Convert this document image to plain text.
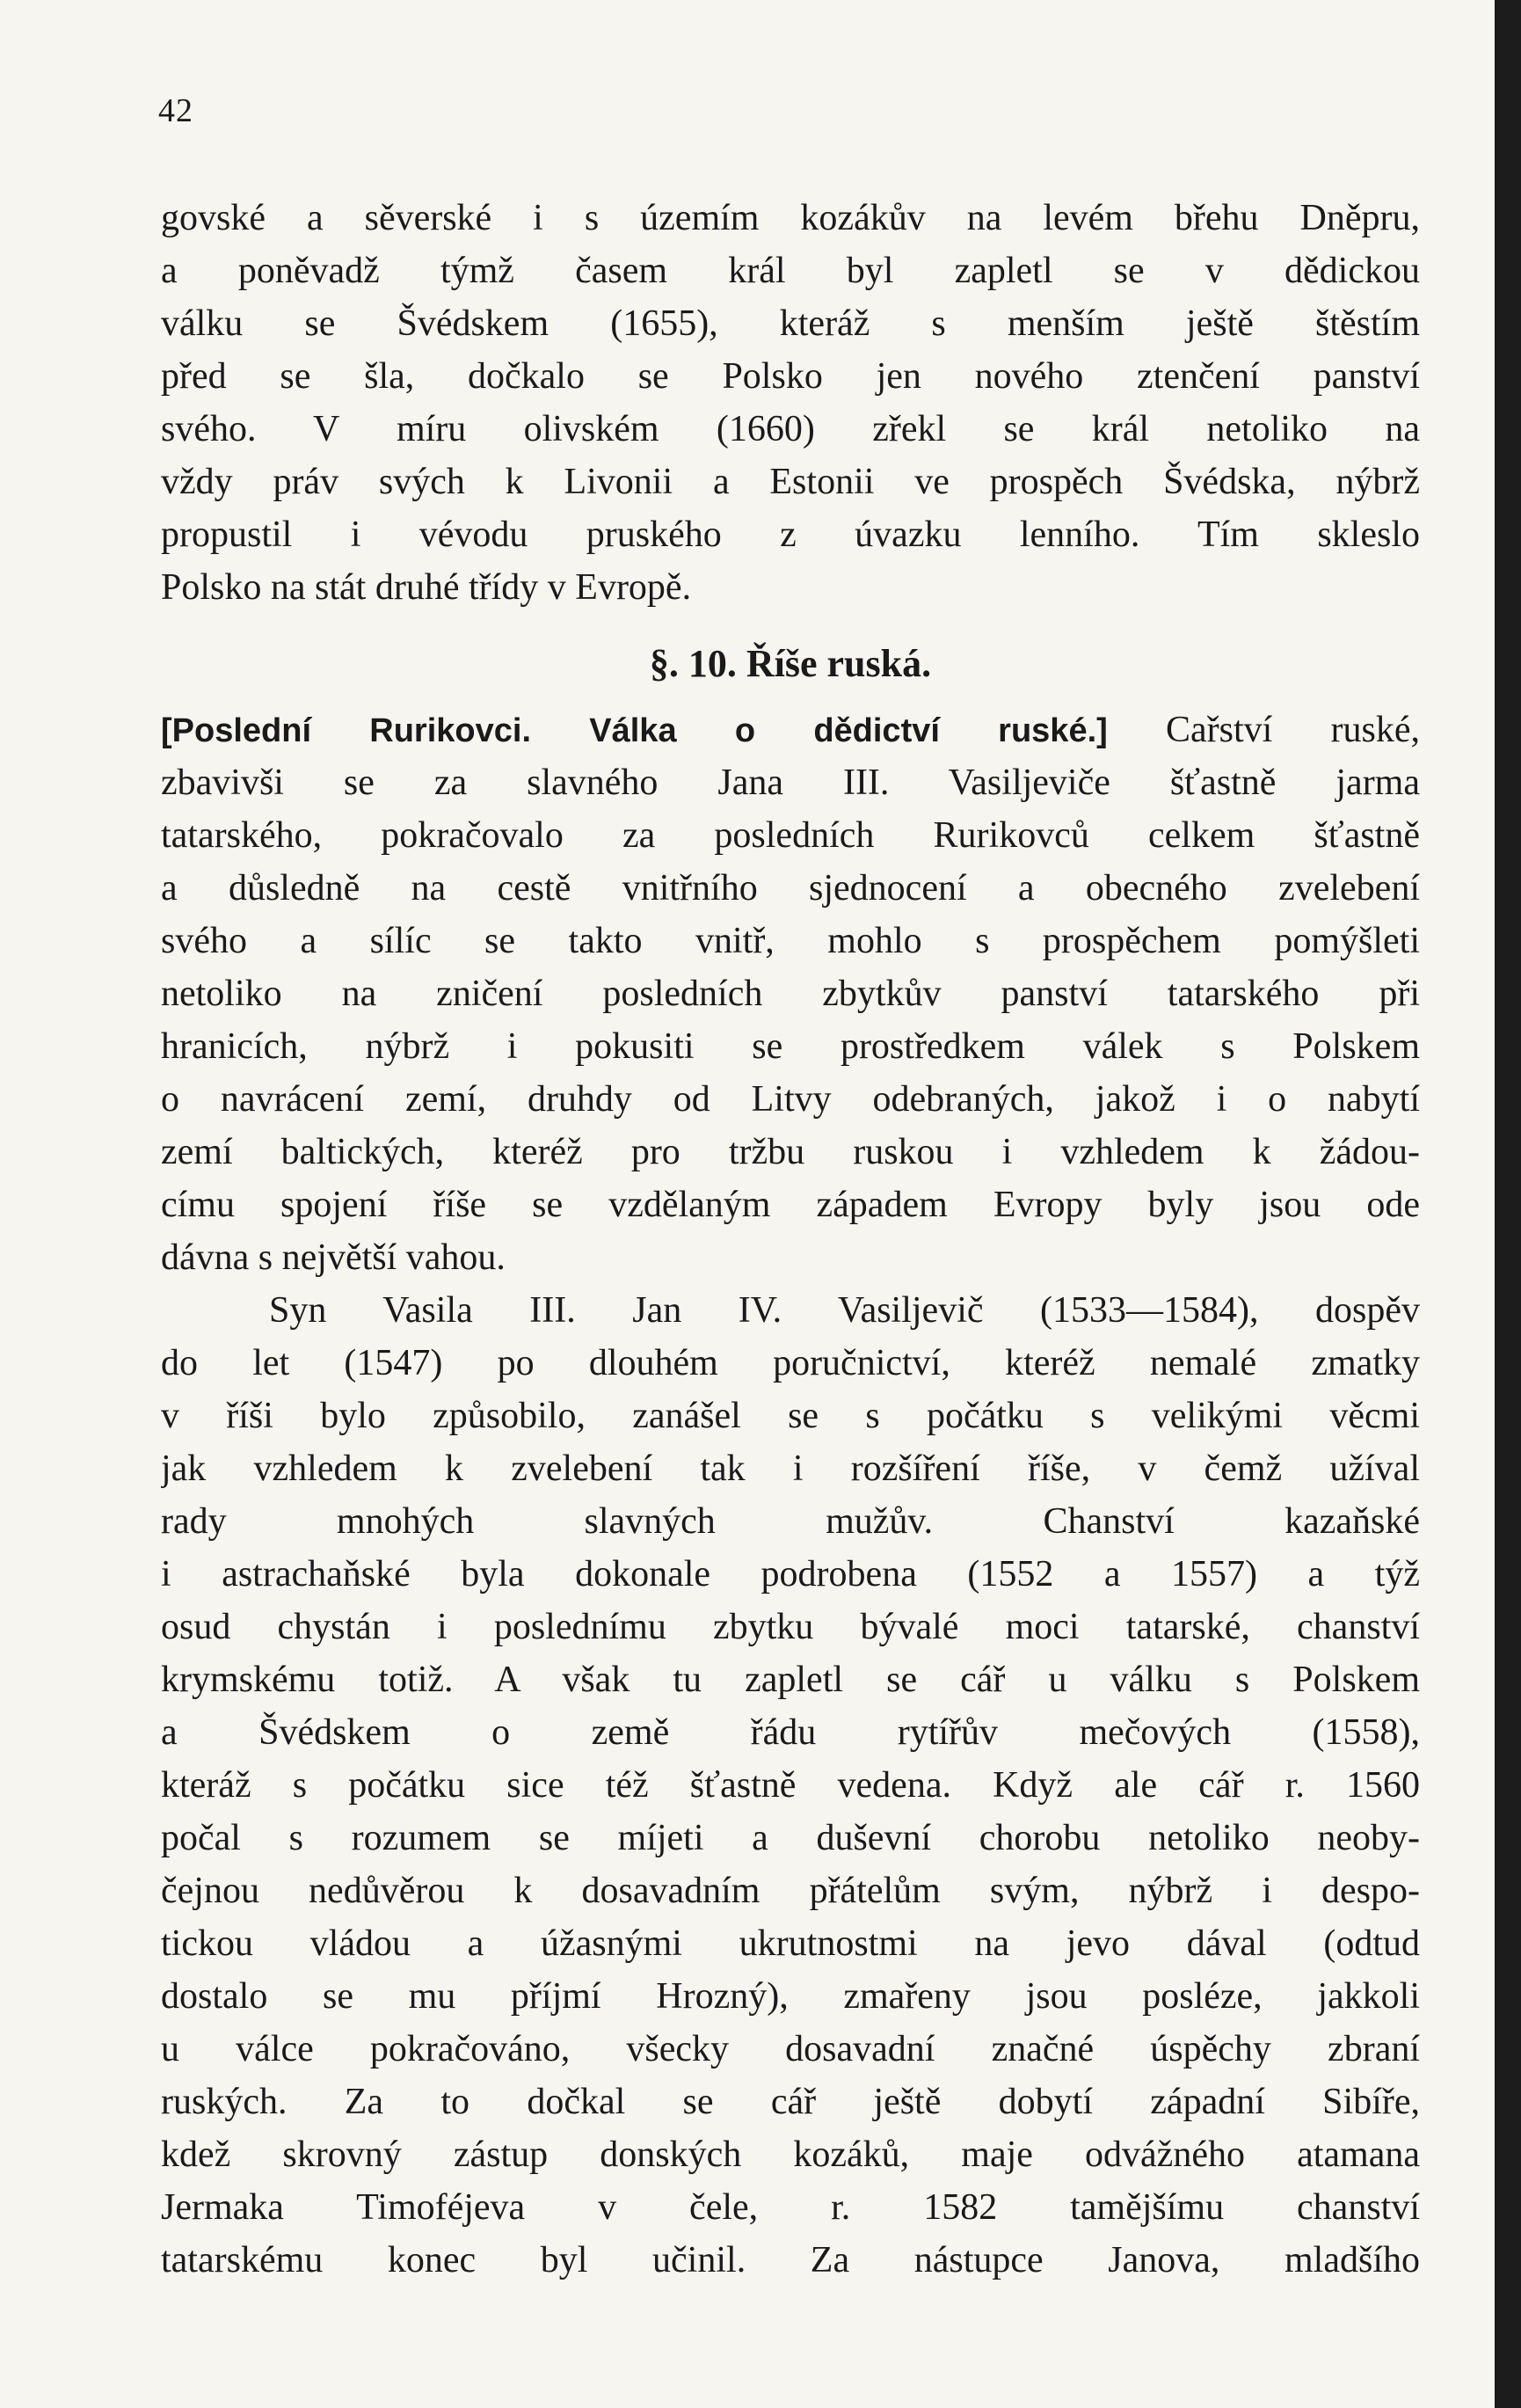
42
govské a sěverské i s územím kozákův na levém břehu Dněpru,
a poněvadž týmž časem král byl zapletl se v dědickou
válku se Švédskem (1655), kteráž s menším ještě štěstím
před se šla, dočkalo se Polsko jen nového ztenčení panství
svého. V míru olivském (1660) zřekl se král netoliko na
vždy práv svých k Livonii a Estonii ve prospěch Švédska, nýbrž
propustil i vévodu pruského z úvazku lenního. Tím skleslo
Polsko na stát druhé třídy v Evropě.
§. 10. Říše ruská.
[Poslední Rurikovci. Válka o dědictví ruské.] Cařství ruské,
zbavivši se za slavného Jana III. Vasiljeviče šťastně jarma
tatarského, pokračovalo za posledních Rurikovců celkem šťastně
a důsledně na cestě vnitřního sjednocení a obecného zvelebení
svého a sílíc se takto vnitř, mohlo s prospěchem pomýšleti
netoliko na zničení posledních zbytkův panství tatarského při
hranicích, nýbrž i pokusiti se prostředkem válek s Polskem
o navrácení zemí, druhdy od Litvy odebraných, jakož i o nabytí
zemí baltických, kteréž pro tržbu ruskou i vzhledem k žádou-
címu spojení říše se vzdělaným západem Evropy byly jsou ode
dávna s největší vahou.
Syn Vasila III. Jan IV. Vasiljevič (1533—1584), dospěv
do let (1547) po dlouhém poručnictví, kteréž nemalé zmatky
v říši bylo způsobilo, zanášel se s počátku s velikými věcmi
jak vzhledem k zvelebení tak i rozšíření říše, v čemž užíval
rady mnohých slavných mužův. Chanství kazaňské
i astrachaňské byla dokonale podrobena (1552 a 1557) a týž
osud chystán i poslednímu zbytku bývalé moci tatarské, chanství
krymskému totiž. A však tu zapletl se cář u válku s Polskem
a Švédskem o země řádu rytířův mečových (1558),
kteráž s počátku sice též šťastně vedena. Když ale cář r. 1560
počal s rozumem se míjeti a duševní chorobu netoliko neoby-
čejnou nedůvěrou k dosavadním přátelům svým, nýbrž i despo-
tickou vládou a úžasnými ukrutnostmi na jevo dával (odtud
dostalo se mu příjmí Hrozný), zmařeny jsou posléze, jakkoli
u válce pokračováno, všecky dosavadní značné úspěchy zbraní
ruských. Za to dočkal se cář ještě dobytí západní Sibíře,
kdež skrovný zástup donských kozáků, maje odvážného atamana
Jermaka Timoféjeva v čele, r. 1582 tamějšímu chanství
tatarskému konec byl učinil. Za nástupce Janova, mladšího
